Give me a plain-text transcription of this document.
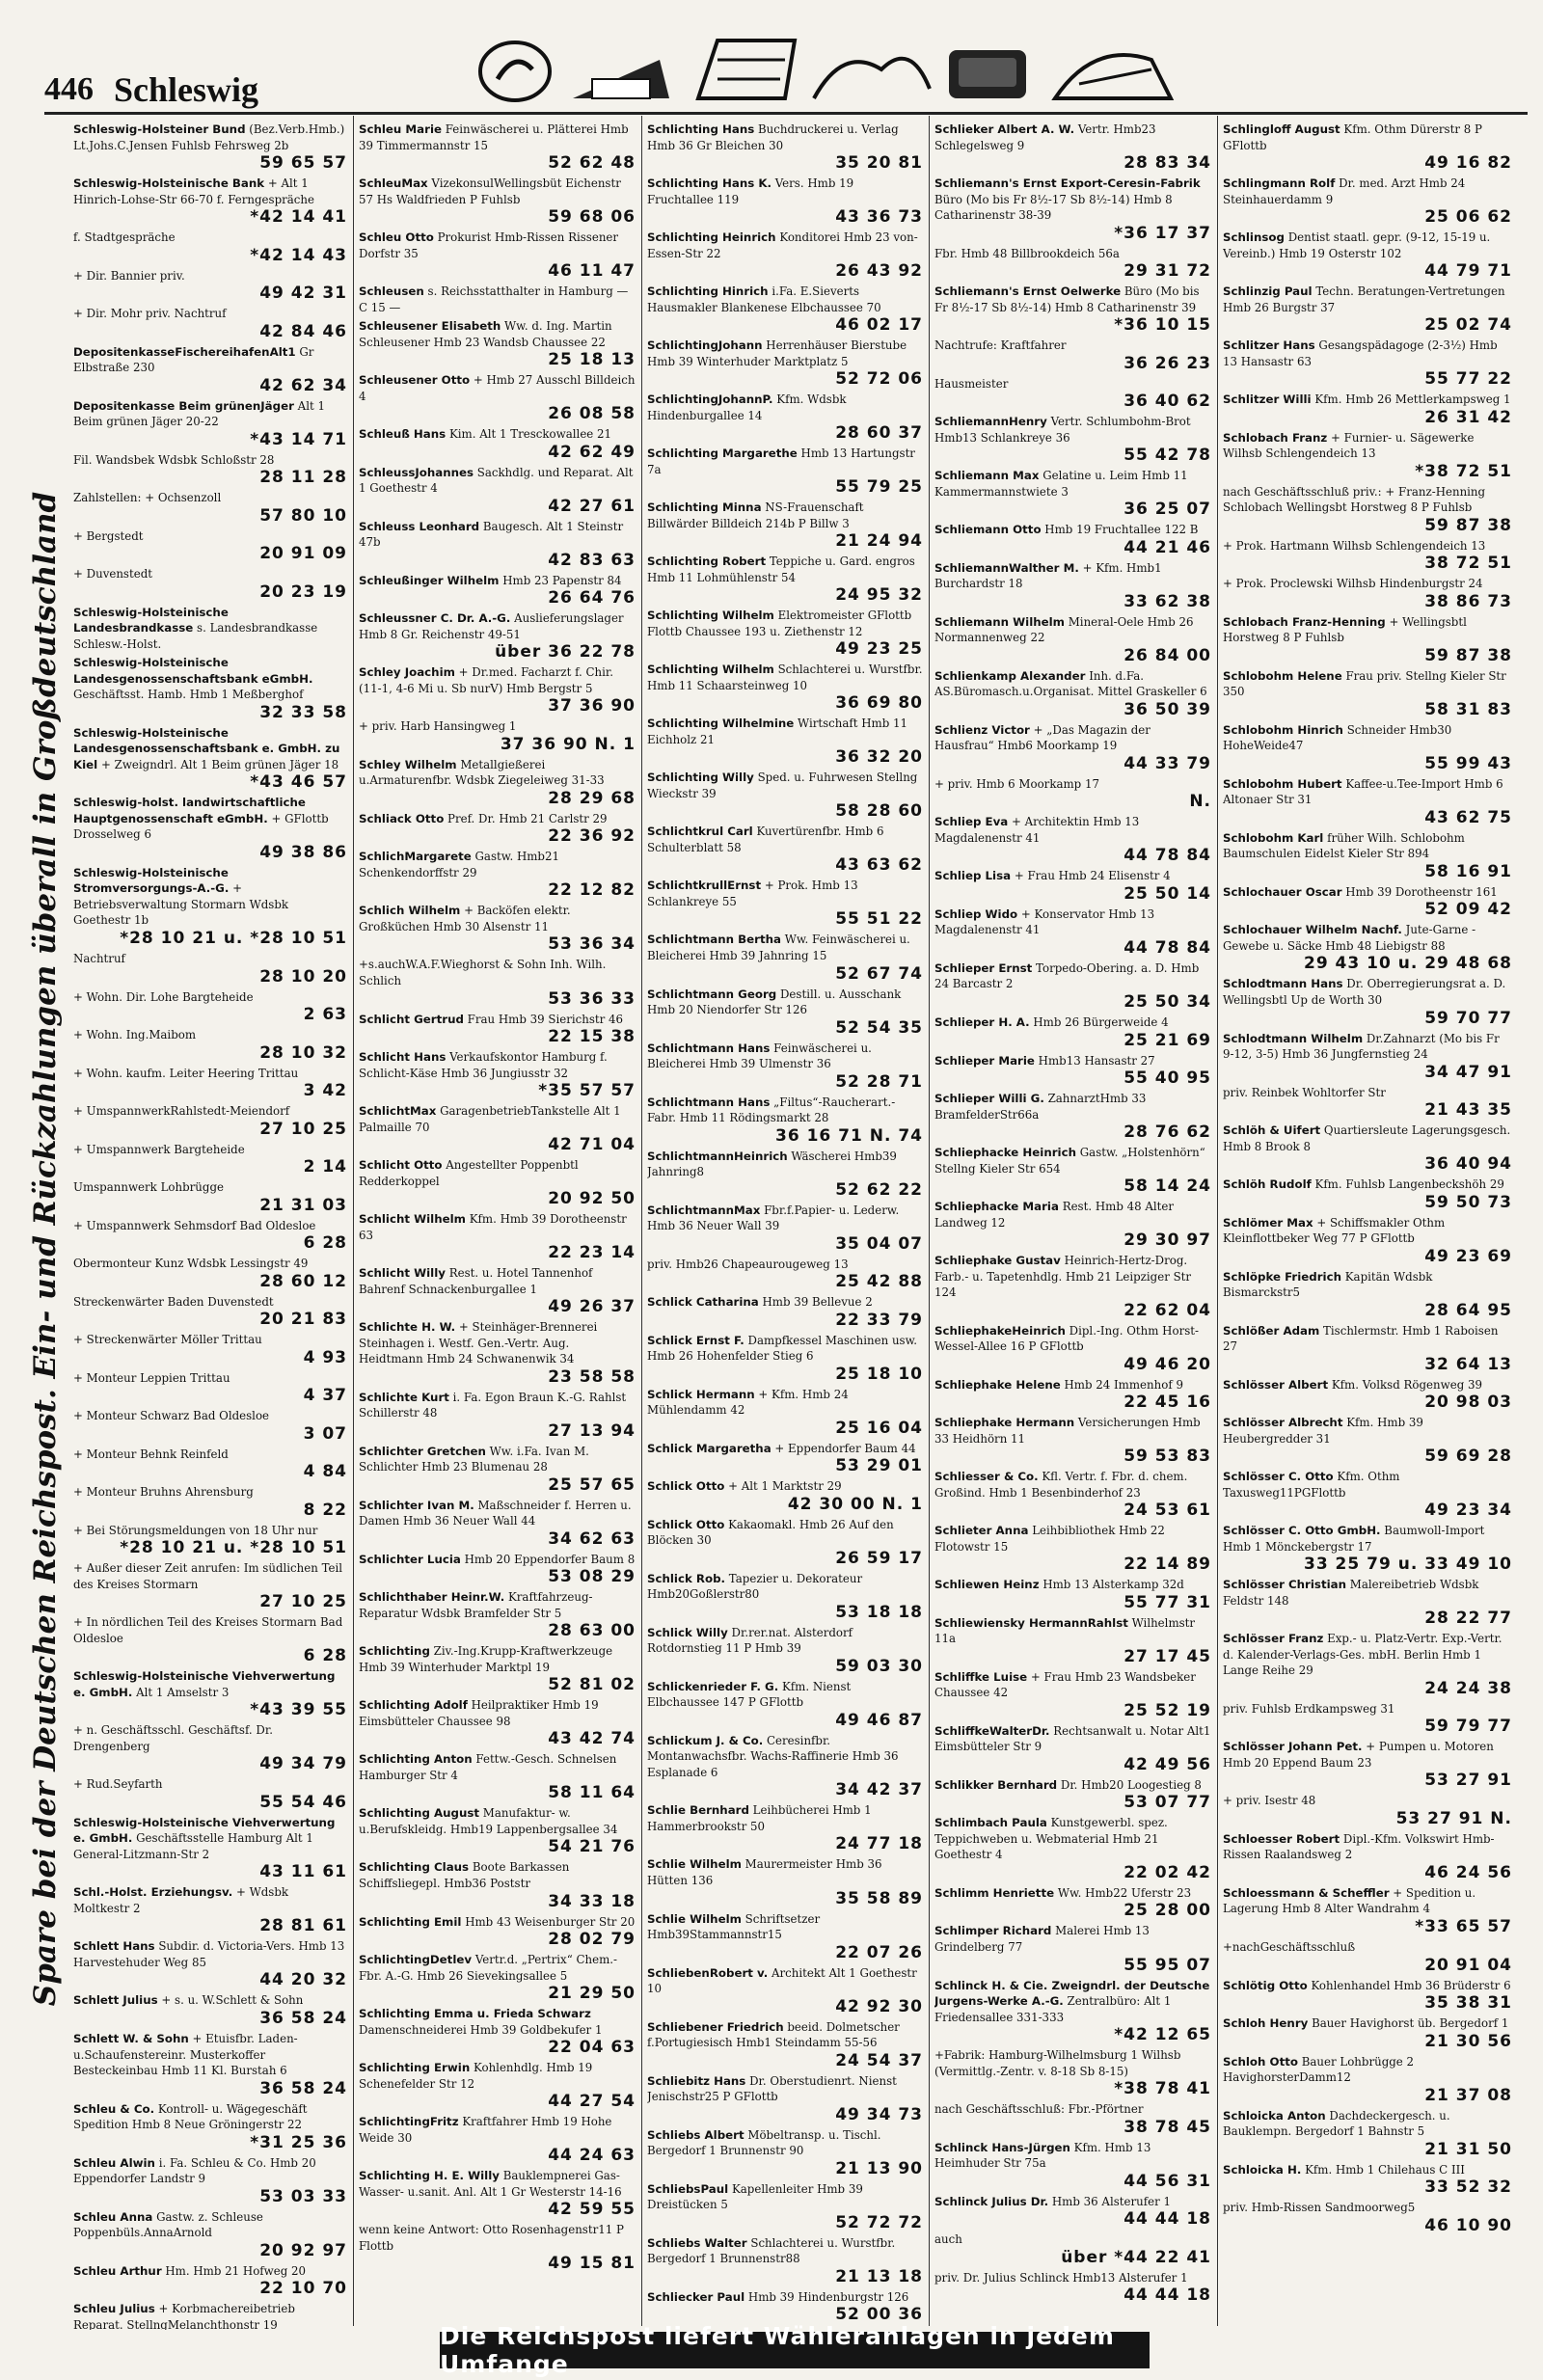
446 Schleswig
Spare bei der Deutschen Reichspost. Ein- und Rückzahlungen überall in Großdeutschland
Schleswig-Holsteiner Bund (Bez.Verb.Hmb.) Lt.Johs.C.Jensen Fuhlsb Fehrsweg 2b
59 65 57
Schleswig-Holsteinische Bank + Alt 1 Hinrich-Lohse-Str 66-70 f. Ferngespräche
*42 14 41
f. Stadtgespräche
*42 14 43
+ Dir. Bannier priv.
49 42 31
+ Dir. Mohr priv. Nachtruf
42 84 46
DepositenkasseFischereihafenAlt1 Gr Elbstraße 230
42 62 34
Depositenkasse Beim grünenJäger Alt 1 Beim grünen Jäger 20-22
*43 14 71
Fil. Wandsbek Wdsbk Schloßstr 28
28 11 28
Zahlstellen: + Ochsenzoll
57 80 10
+ Bergstedt
20 91 09
+ Duvenstedt
20 23 19
Schleswig-Holsteinische Landesbrandkasse s. Landesbrandkasse Schlesw.-Holst.
Schleswig-Holsteinische Landesgenossenschaftsbank eGmbH. Geschäftsst. Hamb. Hmb 1 Meßberghof
32 33 58
Schleswig-Holsteinische Landesgenossenschaftsbank e. GmbH. zu Kiel + Zweigndrl. Alt 1 Beim grünen Jäger 18
*43 46 57
Schleswig-holst. landwirtschaftliche Hauptgenossenschaft eGmbH. + GFlottb Drosselweg 6
49 38 86
Schleswig-Holsteinische Stromversorgungs-A.-G. + Betriebsverwaltung Stormarn Wdsbk Goethestr 1b
*28 10 21 u. *28 10 51
Nachtruf
28 10 20
+ Wohn. Dir. Lohe Bargteheide
2 63
+ Wohn. Ing.Maibom
28 10 32
+ Wohn. kaufm. Leiter Heering Trittau
3 42
+ UmspannwerkRahlstedt-Meiendorf
27 10 25
+ Umspannwerk Bargteheide
2 14
Umspannwerk Lohbrügge
21 31 03
+ Umspannwerk Sehmsdorf Bad Oldesloe
6 28
Obermonteur Kunz Wdsbk Lessingstr 49
28 60 12
Streckenwärter Baden Duvenstedt
20 21 83
+ Streckenwärter Möller Trittau
4 93
+ Monteur Leppien Trittau
4 37
+ Monteur Schwarz Bad Oldesloe
3 07
+ Monteur Behnk Reinfeld
4 84
+ Monteur Bruhns Ahrensburg
8 22
+ Bei Störungsmeldungen von 18 Uhr nur
*28 10 21 u. *28 10 51
+ Außer dieser Zeit anrufen: Im südlichen Teil des Kreises Stormarn
27 10 25
+ In nördlichen Teil des Kreises Stormarn Bad Oldesloe
6 28
Schleswig-Holsteinische Viehverwertung e. GmbH. Alt 1 Amselstr 3
*43 39 55
+ n. Geschäftsschl. Geschäftsf. Dr. Drengenberg
49 34 79
+ Rud.Seyfarth
55 54 46
Schleswig-Holsteinische Viehverwertung e. GmbH. Geschäftsstelle Hamburg Alt 1 General-Litzmann-Str 2
43 11 61
Schl.-Holst. Erziehungsv. + Wdsbk Moltkestr 2
28 81 61
Schlett Hans Subdir. d. Victoria-Vers. Hmb 13 Harvestehuder Weg 85
44 20 32
Schlett Julius + s. u. W.Schlett & Sohn
36 58 24
Schlett W. & Sohn + Etuisfbr. Laden-u.Schaufenstereinr. Musterkoffer Besteckeinbau Hmb 11 Kl. Burstah 6
36 58 24
Schleu & Co. Kontroll- u. Wägegeschäft Spedition Hmb 8 Neue Gröningerstr 22
*31 25 36
Schleu Alwin i. Fa. Schleu & Co. Hmb 20 Eppendorfer Landstr 9
53 03 33
Schleu Anna Gastw. z. Schleuse Poppenbüls.AnnaArnold
20 92 97
Schleu Arthur Hm. Hmb 21 Hofweg 20
22 10 70
Schleu Julius + Korbmachereibetrieb Reparat. StellngMelanchthonstr 19
Schleu Marie Feinwäscherei u. Plätterei Hmb 39 Timmermannstr 15
52 62 48
SchleuMax VizekonsulWellingsbüt Eichenstr 57 Hs Waldfrieden P Fuhlsb
59 68 06
Schleu Otto Prokurist Hmb-Rissen Rissener Dorfstr 35
46 11 47
Schleusen s. Reichsstatthalter in Hamburg — C 15 —
Schleusener Elisabeth Ww. d. Ing. Martin Schleusener Hmb 23 Wandsb Chaussee 22
25 18 13
Schleusener Otto + Hmb 27 Ausschl Billdeich 4
26 08 58
Schleuß Hans Kim. Alt 1 Tresckowallee 21
42 62 49
SchleussJohannes Sackhdlg. und Reparat. Alt 1 Goethestr 4
42 27 61
Schleuss Leonhard Baugesch. Alt 1 Steinstr 47b
42 83 63
Schleußinger Wilhelm Hmb 23 Papenstr 84
26 64 76
Schleussner C. Dr. A.-G. Auslieferungslager Hmb 8 Gr. Reichenstr 49-51
über 36 22 78
Schley Joachim + Dr.med. Facharzt f. Chir. (11-1, 4-6 Mi u. Sb nurV) Hmb Bergstr 5
37 36 90
+ priv. Harb Hansingweg 1
37 36 90 N. 1
Schley Wilhelm Metallgießerei u.Armaturenfbr. Wdsbk Ziegeleiweg 31-33
28 29 68
Schliack Otto Pref. Dr. Hmb 21 Carlstr 29
22 36 92
SchlichMargarete Gastw. Hmb21 Schenkendorffstr 29
22 12 82
Schlich Wilhelm + Backöfen elektr. Großküchen Hmb 30 Alsenstr 11
53 36 34
+s.auchW.A.F.Wieghorst & Sohn Inh. Wilh. Schlich
53 36 33
Schlicht Gertrud Frau Hmb 39 Sierichstr 46
22 15 38
Schlicht Hans Verkaufskontor Hamburg f. Schlicht-Käse Hmb 36 Jungiusstr 32
*35 57 57
SchlichtMax GaragenbetriebTankstelle Alt 1 Palmaille 70
42 71 04
Schlicht Otto Angestellter Poppenbtl Redderkoppel
20 92 50
Schlicht Wilhelm Kfm. Hmb 39 Dorotheenstr 63
22 23 14
Schlicht Willy Rest. u. Hotel Tannenhof Bahrenf Schnackenburgallee 1
49 26 37
Schlichte H. W. + Steinhäger-Brennerei Steinhagen i. Westf. Gen.-Vertr. Aug. Heidtmann Hmb 24 Schwanenwik 34
23 58 58
Schlichte Kurt i. Fa. Egon Braun K.-G. Rahlst Schillerstr 48
27 13 94
Schlichter Gretchen Ww. i.Fa. Ivan M. Schlichter Hmb 23 Blumenau 28
25 57 65
Schlichter Ivan M. Maßschneider f. Herren u. Damen Hmb 36 Neuer Wall 44
34 62 63
Schlichter Lucia Hmb 20 Eppendorfer Baum 8
53 08 29
Schlichthaber Heinr.W. Kraftfahrzeug-Reparatur Wdsbk Bramfelder Str 5
28 63 00
Schlichting Ziv.-Ing.Krupp-Kraftwerkzeuge Hmb 39 Winterhuder Marktpl 19
52 81 02
Schlichting Adolf Heilpraktiker Hmb 19 Eimsbütteler Chaussee 98
43 42 74
Schlichting Anton Fettw.-Gesch. Schnelsen Hamburger Str 4
58 11 64
Schlichting August Manufaktur- w. u.Berufskleidg. Hmb19 Lappenbergsallee 34
54 21 76
Schlichting Claus Boote Barkassen Schiffsliegepl. Hmb36 Poststr
34 33 18
Schlichting Emil Hmb 43 Weisenburger Str 20
28 02 79
SchlichtingDetlev Vertr.d. „Pertrix“ Chem.-Fbr. A.-G. Hmb 26 Sievekingsallee 5
21 29 50
Schlichting Emma u. Frieda Schwarz Damenschneiderei Hmb 39 Goldbekufer 1
22 04 63
Schlichting Erwin Kohlenhdlg. Hmb 19 Schenefelder Str 12
44 27 54
SchlichtingFritz Kraftfahrer Hmb 19 Hohe Weide 30
44 24 63
Schlichting H. E. Willy Bauklempnerei Gas-Wasser- u.sanit. Anl. Alt 1 Gr Westerstr 14-16
42 59 55
wenn keine Antwort: Otto Rosenhagenstr11 P Flottb
49 15 81
Schlichting Hans Buchdruckerei u. Verlag Hmb 36 Gr Bleichen 30
35 20 81
Schlichting Hans K. Vers. Hmb 19 Fruchtallee 119
43 36 73
Schlichting Heinrich Konditorei Hmb 23 von-Essen-Str 22
26 43 92
Schlichting Hinrich i.Fa. E.Sieverts Hausmakler Blankenese Elbchaussee 70
46 02 17
SchlichtingJohann Herrenhäuser Bierstube Hmb 39 Winterhuder Marktplatz 5
52 72 06
SchlichtingJohannP. Kfm. Wdsbk Hindenburgallee 14
28 60 37
Schlichting Margarethe Hmb 13 Hartungstr 7a
55 79 25
Schlichting Minna NS-Frauenschaft Billwärder Billdeich 214b P Billw 3
21 24 94
Schlichting Robert Teppiche u. Gard. engros Hmb 11 Lohmühlenstr 54
24 95 32
Schlichting Wilhelm Elektromeister GFlottb Flottb Chaussee 193 u. Ziethenstr 12
49 23 25
Schlichting Wilhelm Schlachterei u. Wurstfbr. Hmb 11 Schaarsteinweg 10
36 69 80
Schlichting Wilhelmine Wirtschaft Hmb 11 Eichholz 21
36 32 20
Schlichting Willy Sped. u. Fuhrwesen Stellng Wieckstr 39
58 28 60
Schlichtkrul Carl Kuvertürenfbr. Hmb 6 Schulterblatt 58
43 63 62
SchlichtkrullErnst + Prok. Hmb 13 Schlankreye 55
55 51 22
Schlichtmann Bertha Ww. Feinwäscherei u. Bleicherei Hmb 39 Jahnring 15
52 67 74
Schlichtmann Georg Destill. u. Ausschank Hmb 20 Niendorfer Str 126
52 54 35
Schlichtmann Hans Feinwäscherei u. Bleicherei Hmb 39 Ulmenstr 36
52 28 71
Schlichtmann Hans „Filtus“-Raucherart.-Fabr. Hmb 11 Rödingsmarkt 28
36 16 71 N. 74
SchlichtmannHeinrich Wäscherei Hmb39 Jahnring8
52 62 22
SchlichtmannMax Fbr.f.Papier- u. Lederw. Hmb 36 Neuer Wall 39
35 04 07
priv. Hmb26 Chapeaurougeweg 13
25 42 88
Schlick Catharina Hmb 39 Bellevue 2
22 33 79
Schlick Ernst F. Dampfkessel Maschinen usw. Hmb 26 Hohenfelder Stieg 6
25 18 10
Schlick Hermann + Kfm. Hmb 24 Mühlendamm 42
25 16 04
Schlick Margaretha + Eppendorfer Baum 44
53 29 01
Schlick Otto + Alt 1 Marktstr 29
42 30 00 N. 1
Schlick Otto Kakaomakl. Hmb 26 Auf den Blöcken 30
26 59 17
Schlick Rob. Tapezier u. Dekorateur Hmb20Goßlerstr80
53 18 18
Schlick Willy Dr.rer.nat. Alsterdorf Rotdornstieg 11 P Hmb 39
59 03 30
Schlickenrieder F. G. Kfm. Nienst Elbchaussee 147 P GFlottb
49 46 87
Schlickum J. & Co. Ceresinfbr. Montanwachsfbr. Wachs-Raffinerie Hmb 36 Esplanade 6
34 42 37
Schlie Bernhard Leihbücherei Hmb 1 Hammerbrookstr 50
24 77 18
Schlie Wilhelm Maurermeister Hmb 36 Hütten 136
35 58 89
Schlie Wilhelm Schriftsetzer Hmb39Stammannstr15
22 07 26
SchliebenRobert v. Architekt Alt 1 Goethestr 10
42 92 30
Schliebener Friedrich beeid. Dolmetscher f.Portugiesisch Hmb1 Steindamm 55-56
24 54 37
Schliebitz Hans Dr. Oberstudienrt. Nienst Jenischstr25 P GFlottb
49 34 73
Schliebs Albert Möbeltransp. u. Tischl. Bergedorf 1 Brunnenstr 90
21 13 90
SchliebsPaul Kapellenleiter Hmb 39 Dreistücken 5
52 72 72
Schliebs Walter Schlachterei u. Wurstfbr. Bergedorf 1 Brunnenstr88
21 13 18
Schliecker Paul Hmb 39 Hindenburgstr 126
52 00 36
Schlieker Albert A. W. Vertr. Hmb23 Schlegelsweg 9
28 83 34
Schliemann's Ernst Export-Ceresin-Fabrik Büro (Mo bis Fr 8½-17 Sb 8½-14) Hmb 8 Catharinenstr 38-39
*36 17 37
Fbr. Hmb 48 Billbrookdeich 56a
29 31 72
Schliemann's Ernst Oelwerke Büro (Mo bis Fr 8½-17 Sb 8½-14) Hmb 8 Catharinenstr 39
*36 10 15
Nachtrufe: Kraftfahrer
36 26 23
Hausmeister
36 40 62
SchliemannHenry Vertr. Schlumbohm-Brot Hmb13 Schlankreye 36
55 42 78
Schliemann Max Gelatine u. Leim Hmb 11 Kammermannstwiete 3
36 25 07
Schliemann Otto Hmb 19 Fruchtallee 122 B
44 21 46
SchliemannWalther M. + Kfm. Hmb1 Burchardstr 18
33 62 38
Schliemann Wilhelm Mineral-Oele Hmb 26 Normannenweg 22
26 84 00
Schlienkamp Alexander Inh. d.Fa. AS.Büromasch.u.Organisat. Mittel Graskeller 6
36 50 39
Schlienz Victor + „Das Magazin der Hausfrau“ Hmb6 Moorkamp 19
44 33 79
+ priv. Hmb 6 Moorkamp 17
N.
Schliep Eva + Architektin Hmb 13 Magdalenenstr 41
44 78 84
Schliep Lisa + Frau Hmb 24 Elisenstr 4
25 50 14
Schliep Wido + Konservator Hmb 13 Magdalenenstr 41
44 78 84
Schlieper Ernst Torpedo-Obering. a. D. Hmb 24 Barcastr 2
25 50 34
Schlieper H. A. Hmb 26 Bürgerweide 4
25 21 69
Schlieper Marie Hmb13 Hansastr 27
55 40 95
Schlieper Willi G. ZahnarztHmb 33 BramfelderStr66a
28 76 62
Schliephacke Heinrich Gastw. „Holstenhörn“ Stellng Kieler Str 654
58 14 24
Schliephacke Maria Rest. Hmb 48 Alter Landweg 12
29 30 97
Schliephake Gustav Heinrich-Hertz-Drog. Farb.- u. Tapetenhdlg. Hmb 21 Leipziger Str 124
22 62 04
SchliephakeHeinrich Dipl.-Ing. Othm Horst-Wessel-Allee 16 P GFlottb
49 46 20
Schliephake Helene Hmb 24 Immenhof 9
22 45 16
Schliephake Hermann Versicherungen Hmb 33 Heidhörn 11
59 53 83
Schliesser & Co. Kfl. Vertr. f. Fbr. d. chem. Großind. Hmb 1 Besenbinderhof 23
24 53 61
Schlieter Anna Leihbibliothek Hmb 22 Flotowstr 15
22 14 89
Schliewen Heinz Hmb 13 Alsterkamp 32d
55 77 31
Schliewiensky HermannRahlst Wilhelmstr 11a
27 17 45
Schliffke Luise + Frau Hmb 23 Wandsbeker Chaussee 42
25 52 19
SchliffkeWalterDr. Rechtsanwalt u. Notar Alt1 Eimsbütteler Str 9
42 49 56
Schlikker Bernhard Dr. Hmb20 Loogestieg 8
53 07 77
Schlimbach Paula Kunstgewerbl. spez. Teppichweben u. Webmaterial Hmb 21 Goethestr 4
22 02 42
Schlimm Henriette Ww. Hmb22 Uferstr 23
25 28 00
Schlimper Richard Malerei Hmb 13 Grindelberg 77
55 95 07
Schlinck H. & Cie. Zweigndrl. der Deutsche Jurgens-Werke A.-G. Zentralbüro: Alt 1 Friedensallee 331-333
*42 12 65
+Fabrik: Hamburg-Wilhelmsburg 1 Wilhsb (Vermittlg.-Zentr. v. 8-18 Sb 8-15)
*38 78 41
nach Geschäftsschluß: Fbr.-Pförtner
38 78 45
Schlinck Hans-Jürgen Kfm. Hmb 13 Heimhuder Str 75a
44 56 31
Schlinck Julius Dr. Hmb 36 Alsterufer 1
44 44 18
auch
über *44 22 41
priv. Dr. Julius Schlinck Hmb13 Alsterufer 1
44 44 18
Schlingloff August Kfm. Othm Dürerstr 8 P GFlottb
49 16 82
Schlingmann Rolf Dr. med. Arzt Hmb 24 Steinhauerdamm 9
25 06 62
Schlinsog Dentist staatl. gepr. (9-12, 15-19 u. Vereinb.) Hmb 19 Osterstr 102
44 79 71
Schlinzig Paul Techn. Beratungen-Vertretungen Hmb 26 Burgstr 37
25 02 74
Schlitzer Hans Gesangspädagoge (2-3½) Hmb 13 Hansastr 63
55 77 22
Schlitzer Willi Kfm. Hmb 26 Mettlerkampsweg 1
26 31 42
Schlobach Franz + Furnier- u. Sägewerke Wilhsb Schlengendeich 13
*38 72 51
nach Geschäftsschluß priv.: + Franz-Henning Schlobach Wellingsbt Horstweg 8 P Fuhlsb
59 87 38
+ Prok. Hartmann Wilhsb Schlengendeich 13
38 72 51
+ Prok. Proclewski Wilhsb Hindenburgstr 24
38 86 73
Schlobach Franz-Henning + Wellingsbtl Horstweg 8 P Fuhlsb
59 87 38
Schlobohm Helene Frau priv. Stellng Kieler Str 350
58 31 83
Schlobohm Hinrich Schneider Hmb30 HoheWeide47
55 99 43
Schlobohm Hubert Kaffee-u.Tee-Import Hmb 6 Altonaer Str 31
43 62 75
Schlobohm Karl früher Wilh. Schlobohm Baumschulen Eidelst Kieler Str 894
58 16 91
Schlochauer Oscar Hmb 39 Dorotheenstr 161
52 09 42
Schlochauer Wilhelm Nachf. Jute-Garne -Gewebe u. Säcke Hmb 48 Liebigstr 88
29 43 10 u. 29 48 68
Schlodtmann Hans Dr. Oberregierungsrat a. D. Wellingsbtl Up de Worth 30
59 70 77
Schlodtmann Wilhelm Dr.Zahnarzt (Mo bis Fr 9-12, 3-5) Hmb 36 Jungfernstieg 24
34 47 91
priv. Reinbek Wohltorfer Str
21 43 35
Schlöh & Uifert Quartiersleute Lagerungsgesch. Hmb 8 Brook 8
36 40 94
Schlöh Rudolf Kfm. Fuhlsb Langenbeckshöh 29
59 50 73
Schlömer Max + Schiffsmakler Othm Kleinflottbeker Weg 77 P GFlottb
49 23 69
Schlöpke Friedrich Kapitän Wdsbk Bismarckstr5
28 64 95
Schlößer Adam Tischlermstr. Hmb 1 Raboisen 27
32 64 13
Schlösser Albert Kfm. Volksd Rögenweg 39
20 98 03
Schlösser Albrecht Kfm. Hmb 39 Heubergredder 31
59 69 28
Schlösser C. Otto Kfm. Othm Taxusweg11PGFlottb
49 23 34
Schlösser C. Otto GmbH. Baumwoll-Import Hmb 1 Mönckebergstr 17
33 25 79 u. 33 49 10
Schlösser Christian Malereibetrieb Wdsbk Feldstr 148
28 22 77
Schlösser Franz Exp.- u. Platz-Vertr. Exp.-Vertr. d. Kalender-Verlags-Ges. mbH. Berlin Hmb 1 Lange Reihe 29
24 24 38
priv. Fuhlsb Erdkampsweg 31
59 79 77
Schlösser Johann Pet. + Pumpen u. Motoren Hmb 20 Eppend Baum 23
53 27 91
+ priv. Isestr 48
53 27 91 N.
Schloesser Robert Dipl.-Kfm. Volkswirt Hmb-Rissen Raalandsweg 2
46 24 56
Schloessmann & Scheffler + Spedition u. Lagerung Hmb 8 Alter Wandrahm 4
*33 65 57
+nachGeschäftsschluß
20 91 04
Schlötig Otto Kohlenhandel Hmb 36 Brüderstr 6
35 38 31
Schloh Henry Bauer Havighorst üb. Bergedorf 1
21 30 56
Schloh Otto Bauer Lohbrügge 2 HavighorsterDamm12
21 37 08
Schloicka Anton Dachdeckergesch. u. Bauklempn. Bergedorf 1 Bahnstr 5
21 31 50
Schloicka H. Kfm. Hmb 1 Chilehaus C III
33 52 32
priv. Hmb-Rissen Sandmoorweg5
46 10 90
Die Reichspost liefert Wähleranlagen in jedem Umfange
